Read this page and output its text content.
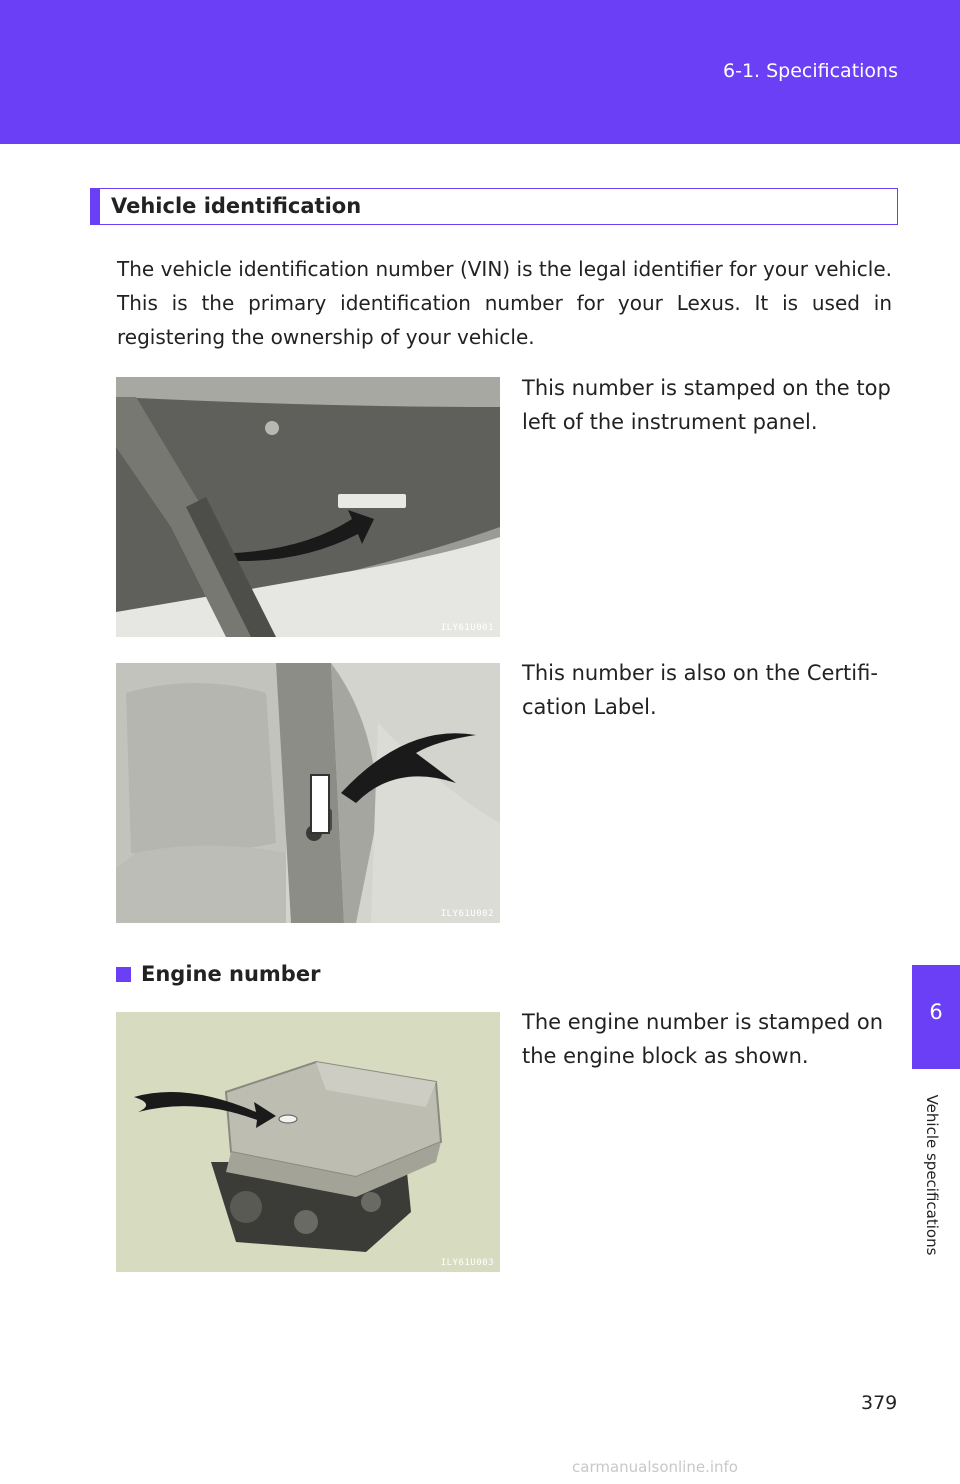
6-1. Specifications
6
Vehicle specifications
Vehicle identification

The vehicle identification number (VIN) is the legal identifier for your vehicle. This is the primary identification number for your Lexus. It is used in registering the ownership of your vehicle.

ILY61U001

This number is stamped on the top left of the instrument panel.

ILY61U002

This number is also on the Certifi-cation Label.

Engine number
ILY61U003

The engine number is stamped on the engine block as shown.

379
carmanualsonline.info
